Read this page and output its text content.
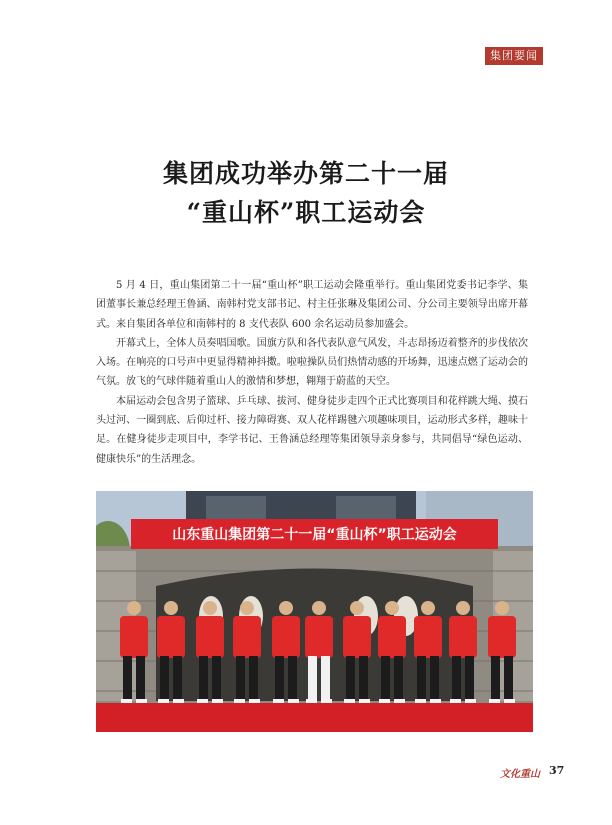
集团要闻
集团成功举办第二十一届
“重山杯”职工运动会

5 月 4 日，重山集团第二十一届“重山杯”职工运动会隆重举行。重山集团党委书记李学、集团董事长兼总经理王鲁涵、南韩村党支部书记、村主任张琳及集团公司、分公司主要领导出席开幕式。来自集团各单位和南韩村的 8 支代表队 600 余名运动员参加盛会。

开幕式上，全体人员奏唱国歌。国旗方队和各代表队意气风发，斗志昂扬迈着整齐的步伐依次入场。在响亮的口号声中更显得精神抖擞。啦啦操队员们热情动感的开场舞，迅速点燃了运动会的气氛。放飞的气球伴随着重山人的激情和梦想，翱翔于蔚蓝的天空。

本届运动会包含男子篮球、乒乓球、拔河、健身徒步走四个正式比赛项目和花样跳大绳、摸石头过河、一圈到底、后仰过杆、接力障碍赛、双人花样踢毽六项趣味项目，运动形式多样，趣味十足。在健身徒步走项目中，李学书记、王鲁涵总经理等集团领导亲身参与，共同倡导“绿色运动、健康快乐”的生活理念。

山东重山集团第二十一届“重山杯”职工运动会
文化重山 37
